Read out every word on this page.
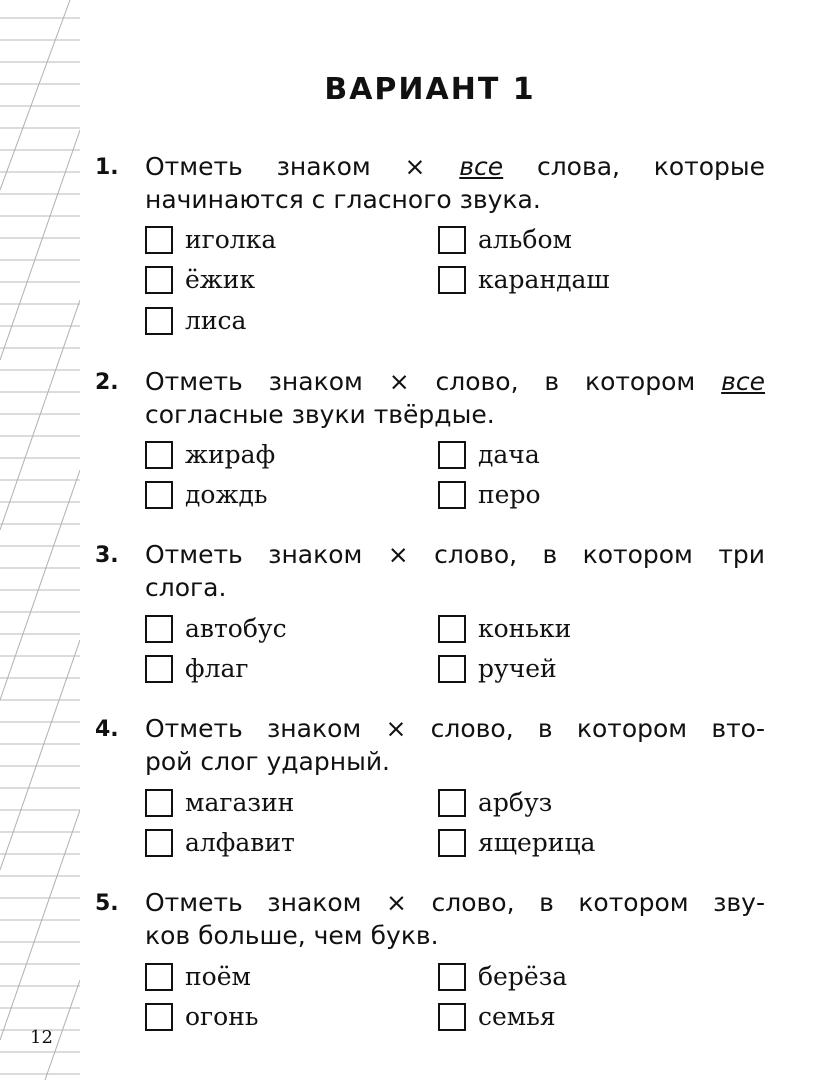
ВАРИАНТ 1
1. Отметь знаком × все слова, которые
начинаются с гласного звука.
иголка	альбом
ёжик	карандаш
лиса
2. Отметь знаком × слово, в котором все
согласные звуки твёрдые.
жираф	дача
дождь	перо
3. Отметь знаком × слово, в котором три
слога.
автобус	коньки
флаг	ручей
4. Отметь знаком × слово, в котором вто-
рой слог ударный.
магазин	арбуз
алфавит	ящерица
5. Отметь знаком × слово, в котором зву-
ков больше, чем букв.
поём	берёза
огонь	семья
12
